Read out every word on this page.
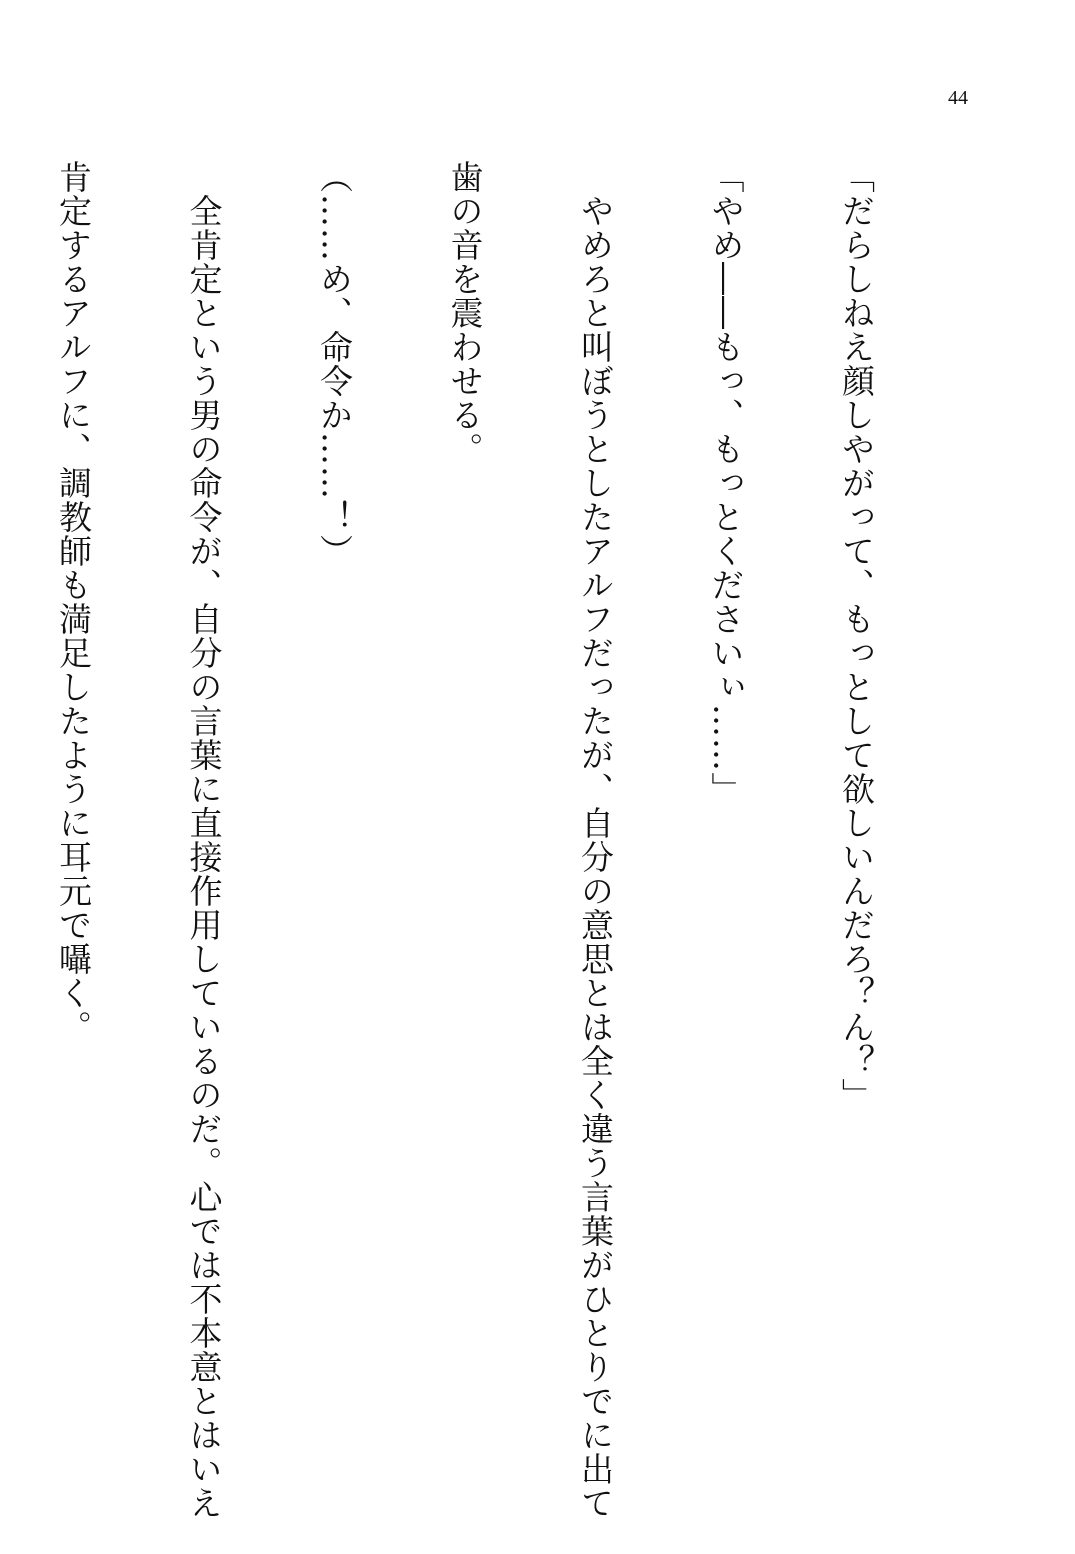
44

「だらしねえ顔しやがって、もっとして欲しいんだろ？ん？」

「やめ――もっ、もっとくださいぃ……」

　やめろと叫ぼうとしたアルフだったが、自分の意思とは全く違う言葉がひとりでに出て

歯の音を震わせる。

（……め、命令か……！）

　全肯定という男の命令が、自分の言葉に直接作用しているのだ。心では不本意とはいえ

肯定するアルフに、調教師も満足したように耳元で囁く。
